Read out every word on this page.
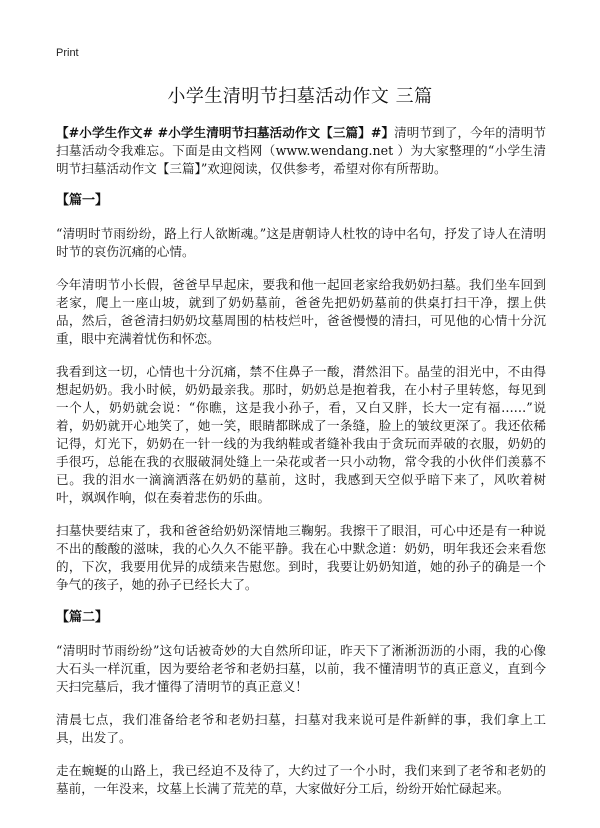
Print
小学生清明节扫墓活动作文 三篇

【#小学生作文# #小学生清明节扫墓活动作文【三篇】#】清明节到了，今年的清明节扫墓活动令我难忘。下面是由文档网（www.wendang.net ）为大家整理的“小学生清明节扫墓活动作文【三篇】”欢迎阅读，仅供参考，希望对你有所帮助。

【篇一】

“清明时节雨纷纷，路上行人欲断魂。”这是唐朝诗人杜牧的诗中名句，抒发了诗人在清明时节的哀伤沉痛的心情。

今年清明节小长假，爸爸早早起床，要我和他一起回老家给我奶奶扫墓。我们坐车回到老家，爬上一座山坡，就到了奶奶墓前，爸爸先把奶奶墓前的供桌打扫干净，摆上供品，然后，爸爸清扫奶奶坟墓周围的枯枝烂叶，爸爸慢慢的清扫，可见他的心情十分沉重，眼中充满着忧伤和怀恋。

我看到这一切，心情也十分沉痛，禁不住鼻子一酸，潸然泪下。晶莹的泪光中，不由得想起奶奶。我小时候，奶奶最亲我。那时，奶奶总是抱着我，在小村子里转悠，每见到一个人，奶奶就会说：“你瞧，这是我小孙子，看，又白又胖，长大一定有福……”说着，奶奶就开心地笑了，她一笑，眼睛都眯成了一条缝，脸上的皱纹更深了。我还依稀记得，灯光下，奶奶在一针一线的为我纳鞋或者缝补我由于贪玩而弄破的衣服，奶奶的手很巧，总能在我的衣服破洞处缝上一朵花或者一只小动物，常令我的小伙伴们羡慕不已。我的泪水一滴滴洒落在奶奶的墓前，这时，我感到天空似乎暗下来了，风吹着树叶，飒飒作响，似在奏着悲伤的乐曲。

扫墓快要结束了，我和爸爸给奶奶深情地三鞠躬。我擦干了眼泪，可心中还是有一种说不出的酸酸的滋味，我的心久久不能平静。我在心中默念道：奶奶，明年我还会来看您的，下次，我要用优异的成绩来告慰您。到时，我要让奶奶知道，她的孙子的确是一个争气的孩子，她的孙子已经长大了。

【篇二】

“清明时节雨纷纷”这句话被奇妙的大自然所印证，昨天下了淅淅沥沥的小雨，我的心像大石头一样沉重，因为要给老爷和老奶扫墓，以前，我不懂清明节的真正意义，直到今天扫完墓后，我才懂得了清明节的真正意义！

清晨七点，我们准备给老爷和老奶扫墓，扫墓对我来说可是件新鲜的事，我们拿上工具，出发了。

走在蜿蜒的山路上，我已经迫不及待了，大约过了一个小时，我们来到了老爷和老奶的墓前，一年没来，坟墓上长满了荒芜的草，大家做好分工后，纷纷开始忙碌起来。
